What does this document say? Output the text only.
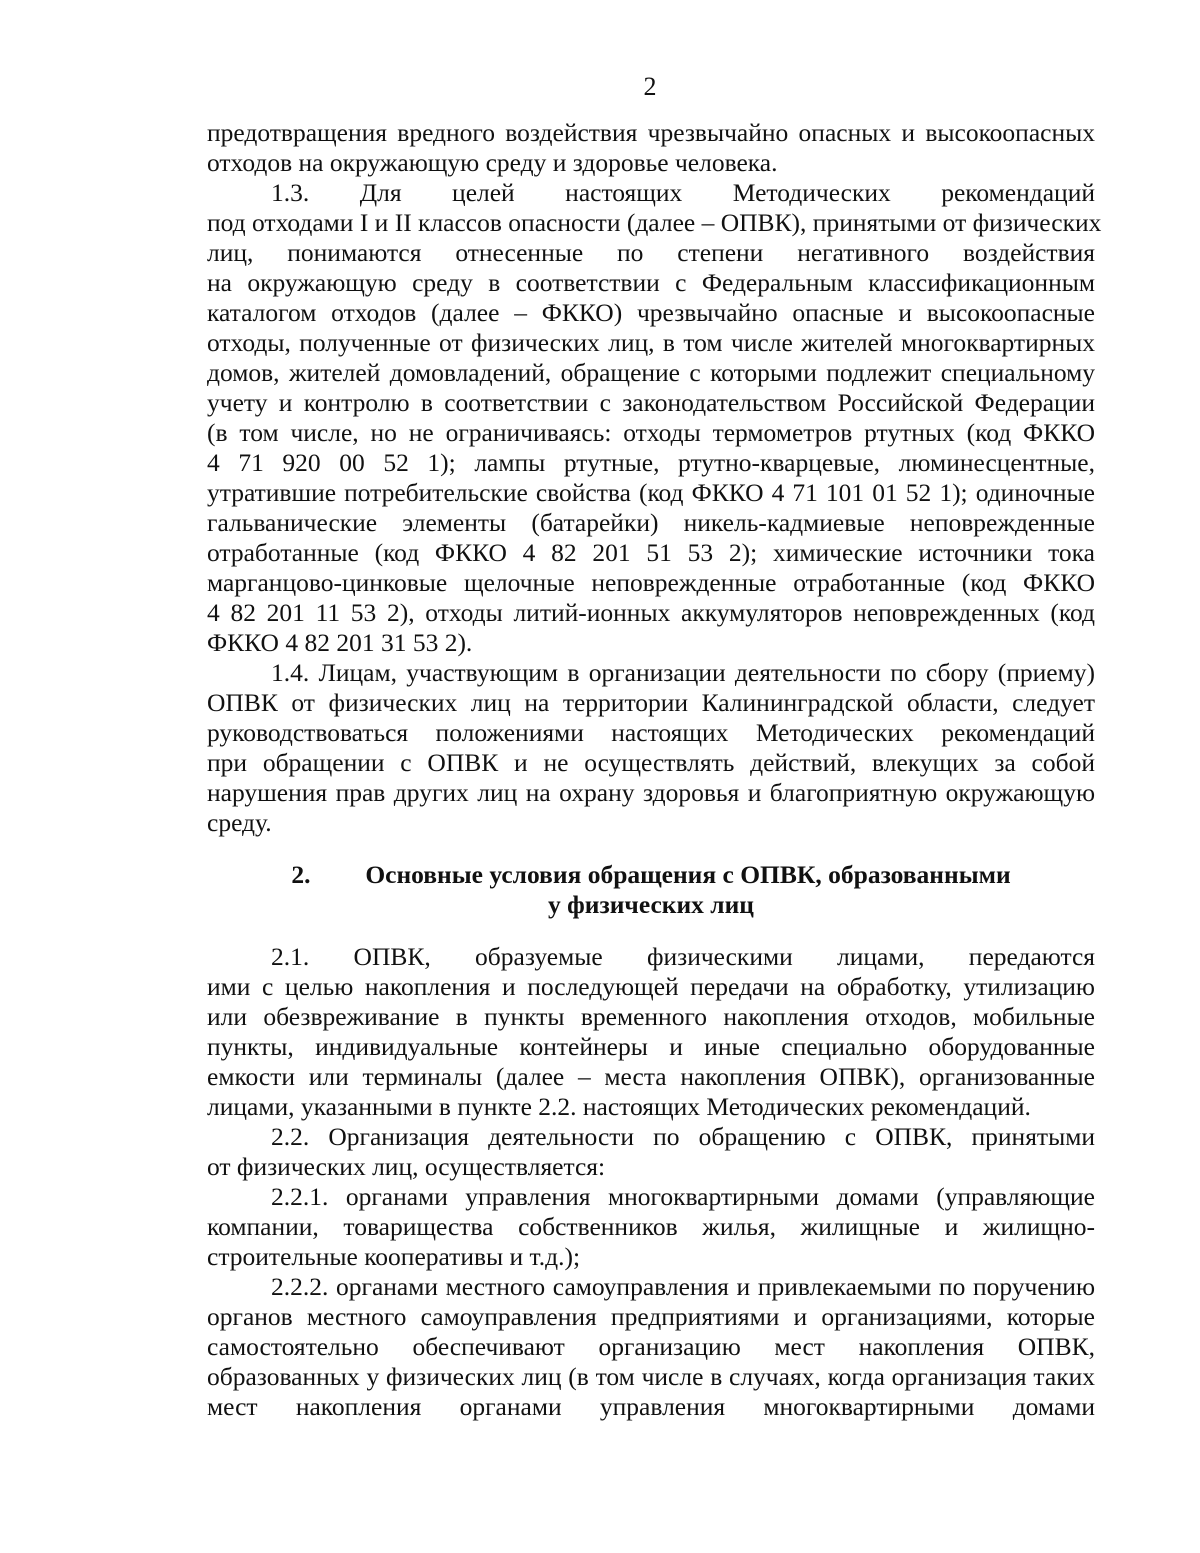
2

предотвращения вредного воздействия чрезвычайно опасных и высокоопасных
отходов на окружающую среду и здоровье человека.

1.3. Для целей настоящих Методических рекомендаций
под отходами I и II классов опасности (далее – ОПВК), принятыми от физических
лиц, понимаются отнесенные по степени негативного воздействия
на окружающую среду в соответствии с Федеральным классификационным
каталогом отходов (далее – ФККО) чрезвычайно опасные и высокоопасные
отходы, полученные от физических лиц, в том числе жителей многоквартирных
домов, жителей домовладений, обращение с которыми подлежит специальному
учету и контролю в соответствии с законодательством Российской Федерации
(в том числе, но не ограничиваясь: отходы термометров ртутных (код ФККО
4 71 920 00 52 1); лампы ртутные, ртутно-кварцевые, люминесцентные,
утратившие потребительские свойства (код ФККО 4 71 101 01 52 1); одиночные
гальванические элементы (батарейки) никель-кадмиевые неповрежденные
отработанные (код ФККО 4 82 201 51 53 2); химические источники тока
марганцово-цинковые щелочные неповрежденные отработанные (код ФККО
4 82 201 11 53 2), отходы литий-ионных аккумуляторов неповрежденных (код
ФККО 4 82 201 31 53 2).

1.4. Лицам, участвующим в организации деятельности по сбору (приему)
ОПВК от физических лиц на территории Калининградской области, следует
руководствоваться положениями настоящих Методических рекомендаций
при обращении с ОПВК и не осуществлять действий, влекущих за собой
нарушения прав других лиц на охрану здоровья и благоприятную окружающую
среду.

2. Основные условия обращения с ОПВК, образованными
у физических лиц

2.1. ОПВК, образуемые физическими лицами, передаются
ими с целью накопления и последующей передачи на обработку, утилизацию
или обезвреживание в пункты временного накопления отходов, мобильные
пункты, индивидуальные контейнеры и иные специально оборудованные
емкости или терминалы (далее – места накопления ОПВК), организованные
лицами, указанными в пункте 2.2. настоящих Методических рекомендаций.

2.2. Организация деятельности по обращению с ОПВК, принятыми
от физических лиц, осуществляется:

2.2.1. органами управления многоквартирными домами (управляющие
компании, товарищества собственников жилья, жилищные и жилищно-
строительные кооперативы и т.д.);

2.2.2. органами местного самоуправления и привлекаемыми по поручению
органов местного самоуправления предприятиями и организациями, которые
самостоятельно обеспечивают организацию мест накопления ОПВК,
образованных у физических лиц (в том числе в случаях, когда организация таких
мест накопления органами управления многоквартирными домами
